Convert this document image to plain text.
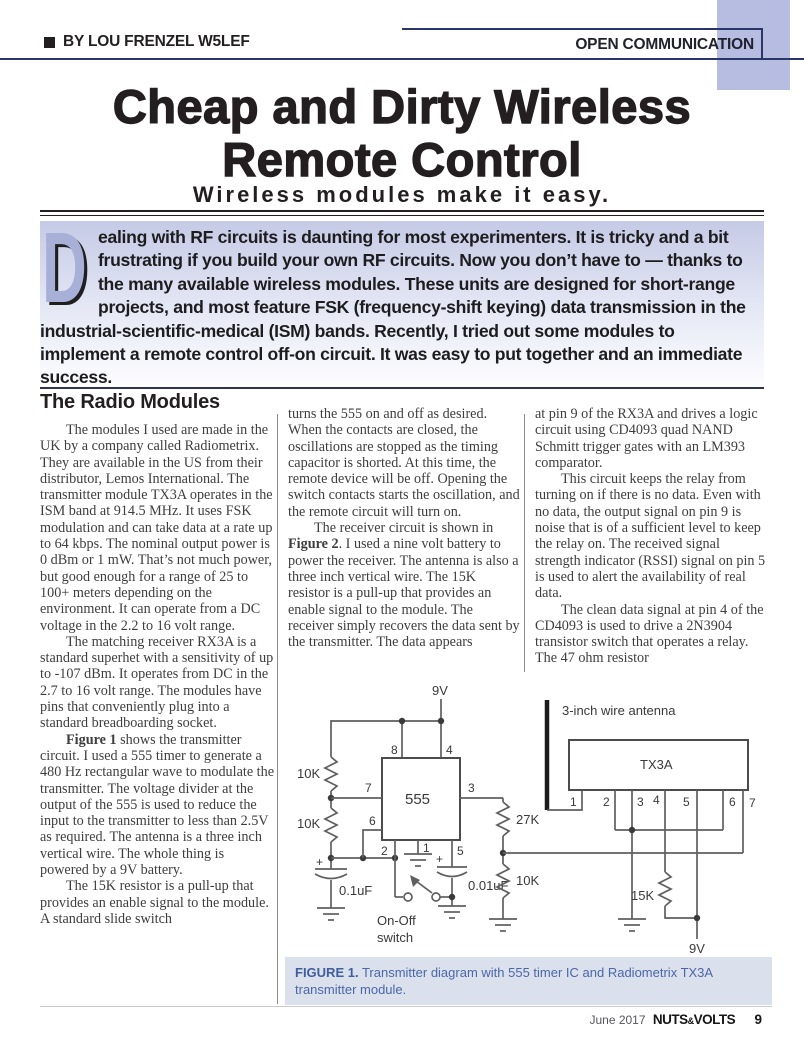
OPEN COMMUNICATION
BY LOU FRENZEL W5LEF
Cheap and Dirty Wireless
Remote Control
Wireless modules make it easy.
Dealing with RF circuits is daunting for most experimenters. It is tricky and a bit frustrating if you build your own RF circuits. Now you don’t have to — thanks to the many available wireless modules. These units are designed for short-range projects, and most feature FSK (frequency-shift keying) data transmission in the industrial-scientific-medical (ISM) bands. Recently, I tried out some modules to implement a remote control off-on circuit. It was easy to put together and an immediate success.
The Radio Modules

The modules I used are made in the UK by a company called Radiometrix. They are available in the US from their distributor, Lemos International. The transmitter module TX3A operates in the ISM band at 914.5 MHz. It uses FSK modulation and can take data at a rate up to 64 kbps. The nominal output power is 0 dBm or 1 mW. That’s not much power, but good enough for a range of 25 to 100+ meters depending on the environment. It can operate from a DC voltage in the 2.2 to 16 volt range.

The matching receiver RX3A is a standard superhet with a sensitivity of up to -107 dBm. It operates from DC in the 2.7 to 16 volt range. The modules have pins that conveniently plug into a standard breadboarding socket.

Figure 1 shows the transmitter circuit. I used a 555 timer to generate a 480 Hz rectangular wave to modulate the transmitter. The voltage divider at the output of the 555 is used to reduce the input to the transmitter to less than 2.5V as required. The antenna is a three inch vertical wire. The whole thing is powered by a 9V battery.

The 15K resistor is a pull-up that provides an enable signal to the module. A standard slide switch

turns the 555 on and off as desired. When the contacts are closed, the oscillations are stopped as the timing capacitor is shorted. At this time, the remote device will be off. Opening the switch contacts starts the oscillation, and the remote circuit will turn on.

The receiver circuit is shown in Figure 2. I used a nine volt battery to power the receiver. The antenna is also a three inch vertical wire. The 15K resistor is a pull-up that provides an enable signal to the module. The receiver simply recovers the data sent by the transmitter. The data appears

at pin 9 of the RX3A and drives a logic circuit using CD4093 quad NAND Schmitt trigger gates with an LM393 comparator.

This circuit keeps the relay from turning on if there is no data. Even with no data, the output signal on pin 9 is noise that is of a sufficient level to keep the relay on. The received signal strength indicator (RSSI) signal on pin 5 is used to alert the availability of real data.

The clean data signal at pin 4 of the CD4093 is used to drive a 2N3904 transistor switch that operates a relay. The 47 ohm resistor

9V
8	4
555
10K
7
10K	6
2
+
0.1uF
On-Off
switch
1 5
+
0.01uF
3
27K
10K
3-inch wire antenna
TX3A
1 2 3 4 5	6 7
15K
9V
FIGURE 1. Transmitter diagram with 555 timer IC and Radiometrix TX3A transmitter module.
June 2017 NUTS&VOLTS 9
